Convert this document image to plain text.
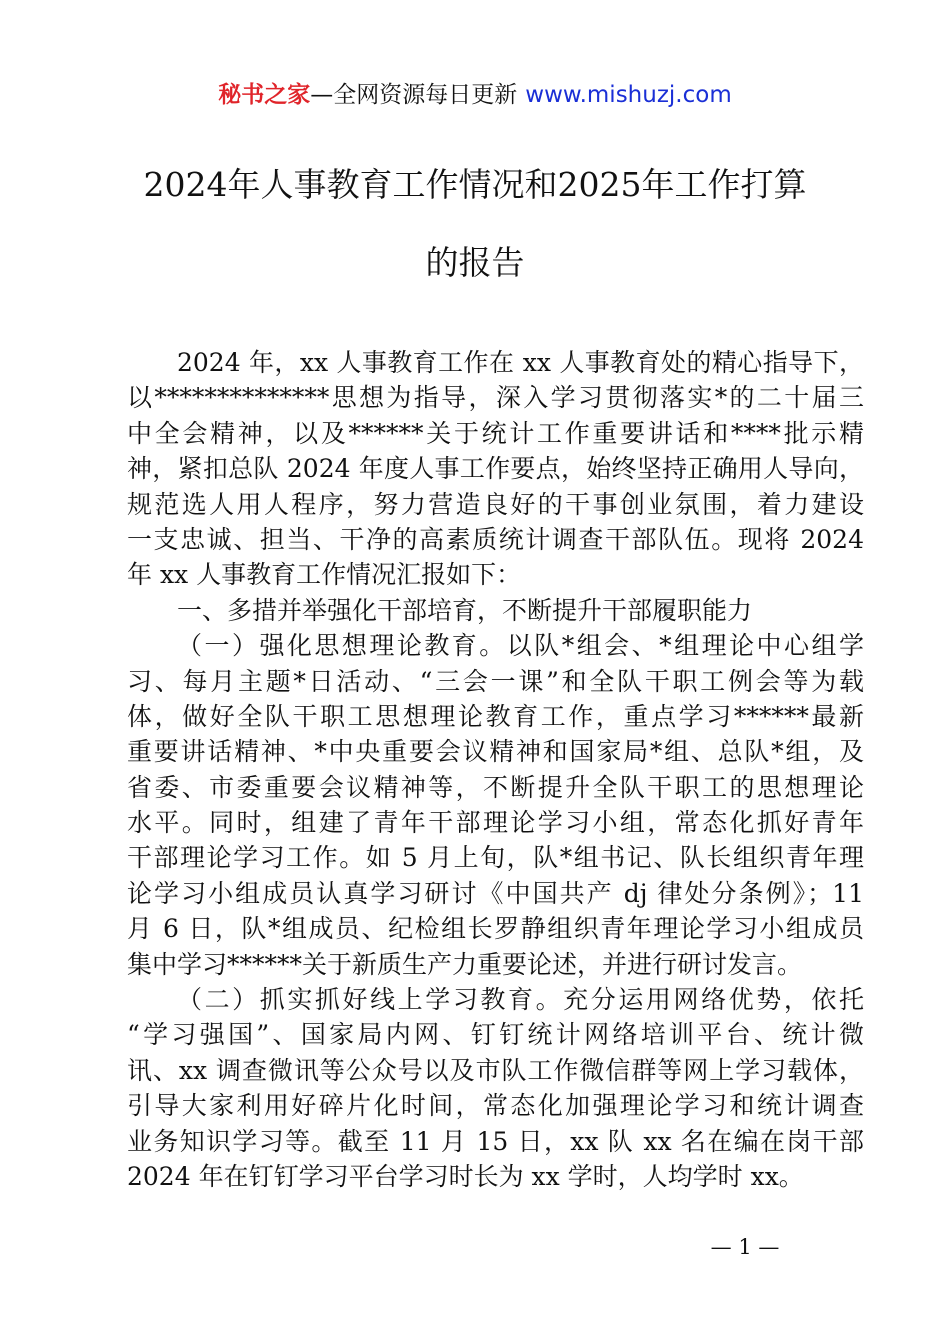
秘书之家—全网资源每日更新 www.mishuzj.com
2024年人事教育工作情况和2025年工作打算
的报告
2024 年，xx 人事教育工作在 xx 人事教育处的精心指导下，
以**************思想为指导，深入学习贯彻落实*的二十届三
中全会精神，以及******关于统计工作重要讲话和****批示精
神，紧扣总队 2024 年度人事工作要点，始终坚持正确用人导向，
规范选人用人程序，努力营造良好的干事创业氛围，着力建设
一支忠诚、担当、干净的高素质统计调查干部队伍。现将 2024
年 xx 人事教育工作情况汇报如下：
一、多措并举强化干部培育，不断提升干部履职能力
（一）强化思想理论教育。以队*组会、*组理论中心组学
习、每月主题*日活动、“三会一课”和全队干职工例会等为载
体，做好全队干职工思想理论教育工作，重点学习******最新
重要讲话精神、*中央重要会议精神和国家局*组、总队*组，及
省委、市委重要会议精神等，不断提升全队干职工的思想理论
水平。同时，组建了青年干部理论学习小组，常态化抓好青年
干部理论学习工作。如 5 月上旬，队*组书记、队长组织青年理
论学习小组成员认真学习研讨《中国共产 dj 律处分条例》；11
月 6 日，队*组成员、纪检组长罗静组织青年理论学习小组成员
集中学习******关于新质生产力重要论述，并进行研讨发言。
（二）抓实抓好线上学习教育。充分运用网络优势，依托
“学习强国”、国家局内网、钉钉统计网络培训平台、统计微
讯、xx 调查微讯等公众号以及市队工作微信群等网上学习载体，
引导大家利用好碎片化时间，常态化加强理论学习和统计调查
业务知识学习等。截至 11 月 15 日，xx 队 xx 名在编在岗干部
2024 年在钉钉学习平台学习时长为 xx 学时，人均学时 xx。
— 1 —
